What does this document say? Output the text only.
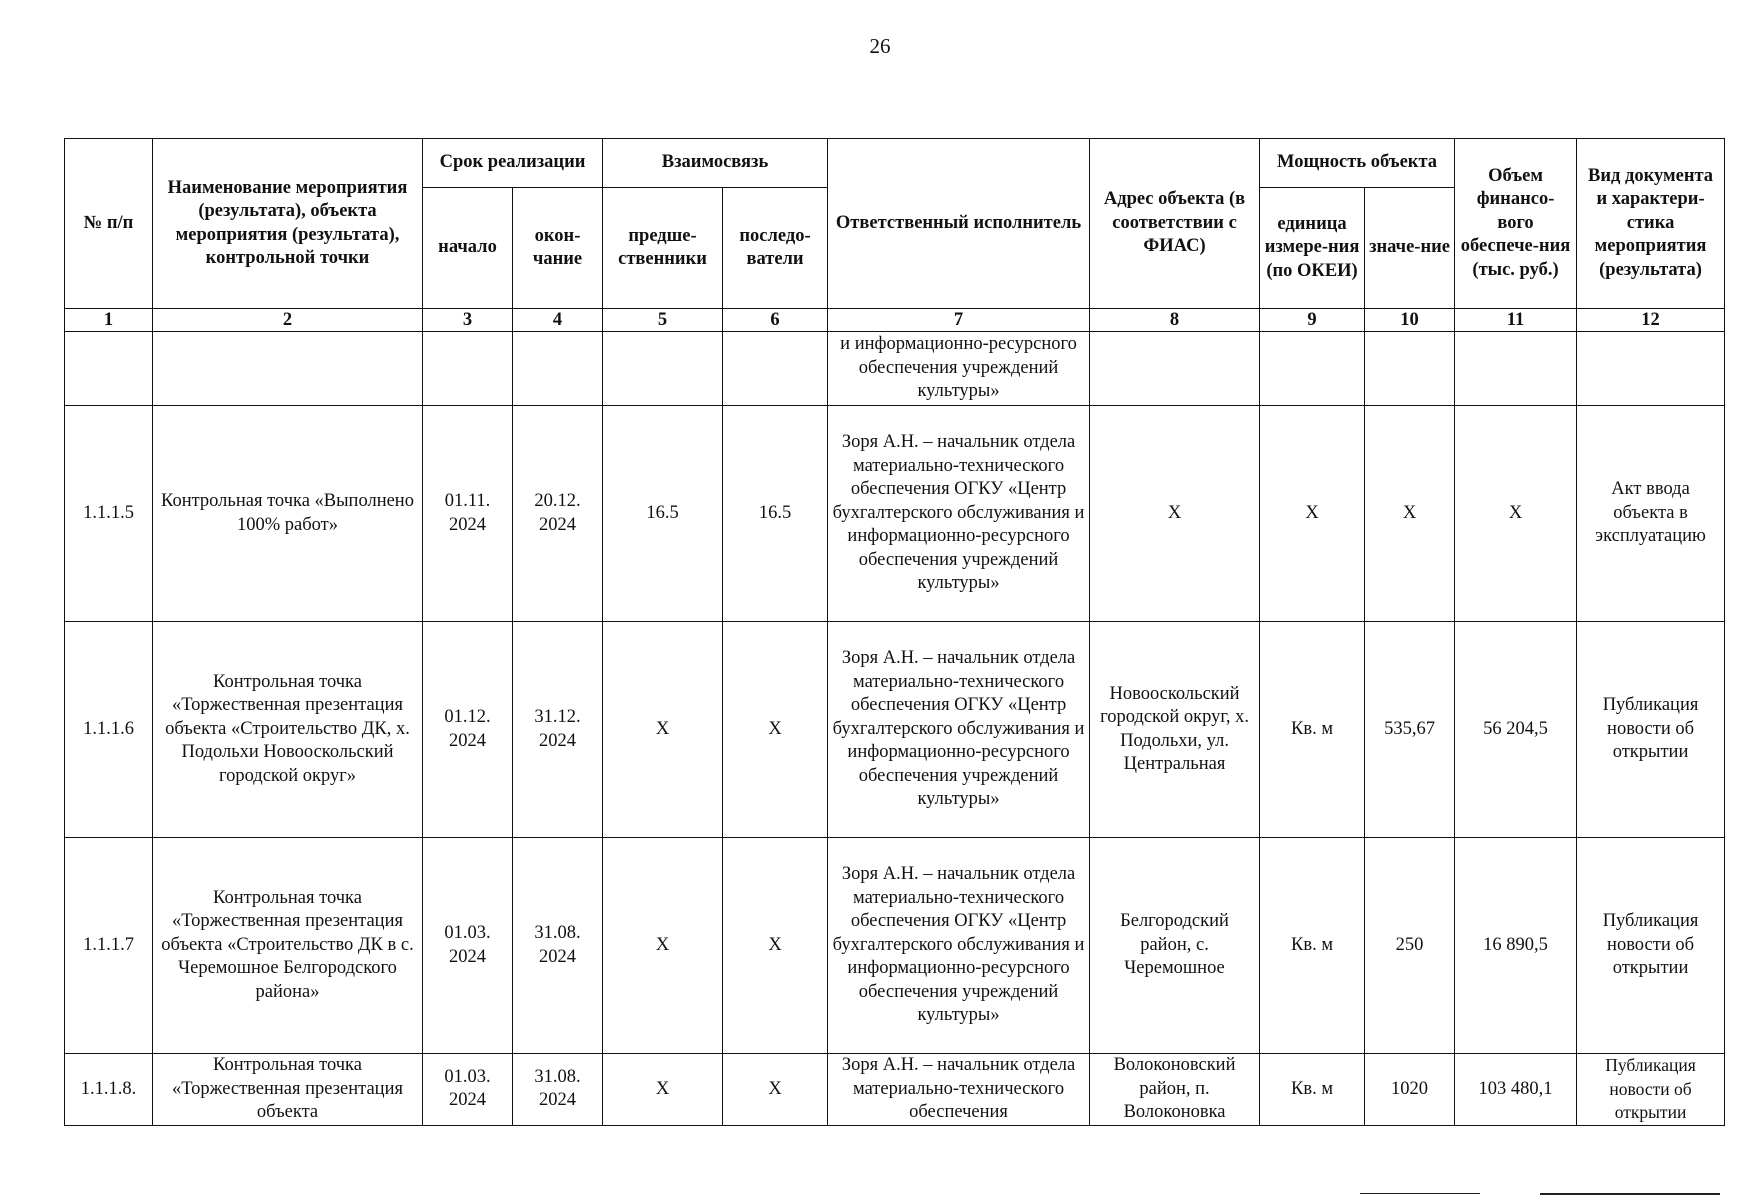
26
№ п/п	Наименование мероприятия (результата), объекта мероприятия (результата), контрольной точки	Срок реализации		Взаимосвязь		Ответственный исполнитель	Адрес объекта (в соответствии с ФИАС)	Мощность объекта		Объем финансо-вого обеспече-ния (тыс. руб.)	Вид документа и характери-стика мероприятия (результата)
		начало	окон-чание	предше-ственники	последо-ватели			единица измере-ния (по ОКЕИ)	значе-ние		
1	2	3	4	5	6	7	8	9	10	11	12
						и информационно-ресурсного обеспечения учреждений культуры»					
1.1.1.5	Контрольная точка «Выполнено 100% работ»	01.11. 2024	20.12. 2024	16.5	16.5	Зоря А.Н. – начальник отдела материально-технического обеспечения ОГКУ «Центр бухгалтерского обслуживания и информационно-ресурсного обеспечения учреждений культуры»	Х	Х	Х	Х	Акт ввода объекта в эксплуатацию
1.1.1.6	Контрольная точка «Торжественная презентация объекта «Строительство ДК, х. Подольхи Новооскольский городской округ»	01.12. 2024	31.12. 2024	Х	Х	Зоря А.Н. – начальник отдела материально-технического обеспечения ОГКУ «Центр бухгалтерского обслуживания и информационно-ресурсного обеспечения учреждений культуры»	Новооскольский городской округ, х. Подольхи, ул. Центральная	Кв. м	535,67	56 204,5	Публикация новости об открытии
1.1.1.7	Контрольная точка «Торжественная презентация объекта «Строительство ДК в с. Черемошное Белгородского района»	01.03. 2024	31.08. 2024	Х	Х	Зоря А.Н. – начальник отдела материально-технического обеспечения ОГКУ «Центр бухгалтерского обслуживания и информационно-ресурсного обеспечения учреждений культуры»	Белгородский район, с. Черемошное	Кв. м	250	16 890,5	Публикация новости об открытии
1.1.1.8.	Контрольная точка «Торжественная презентация объекта	01.03. 2024	31.08. 2024	Х	Х	Зоря А.Н. – начальник отдела материально-технического обеспечения	Волоконовский район, п. Волоконовка	Кв. м	1020	103 480,1	Публикация новости об открытии
